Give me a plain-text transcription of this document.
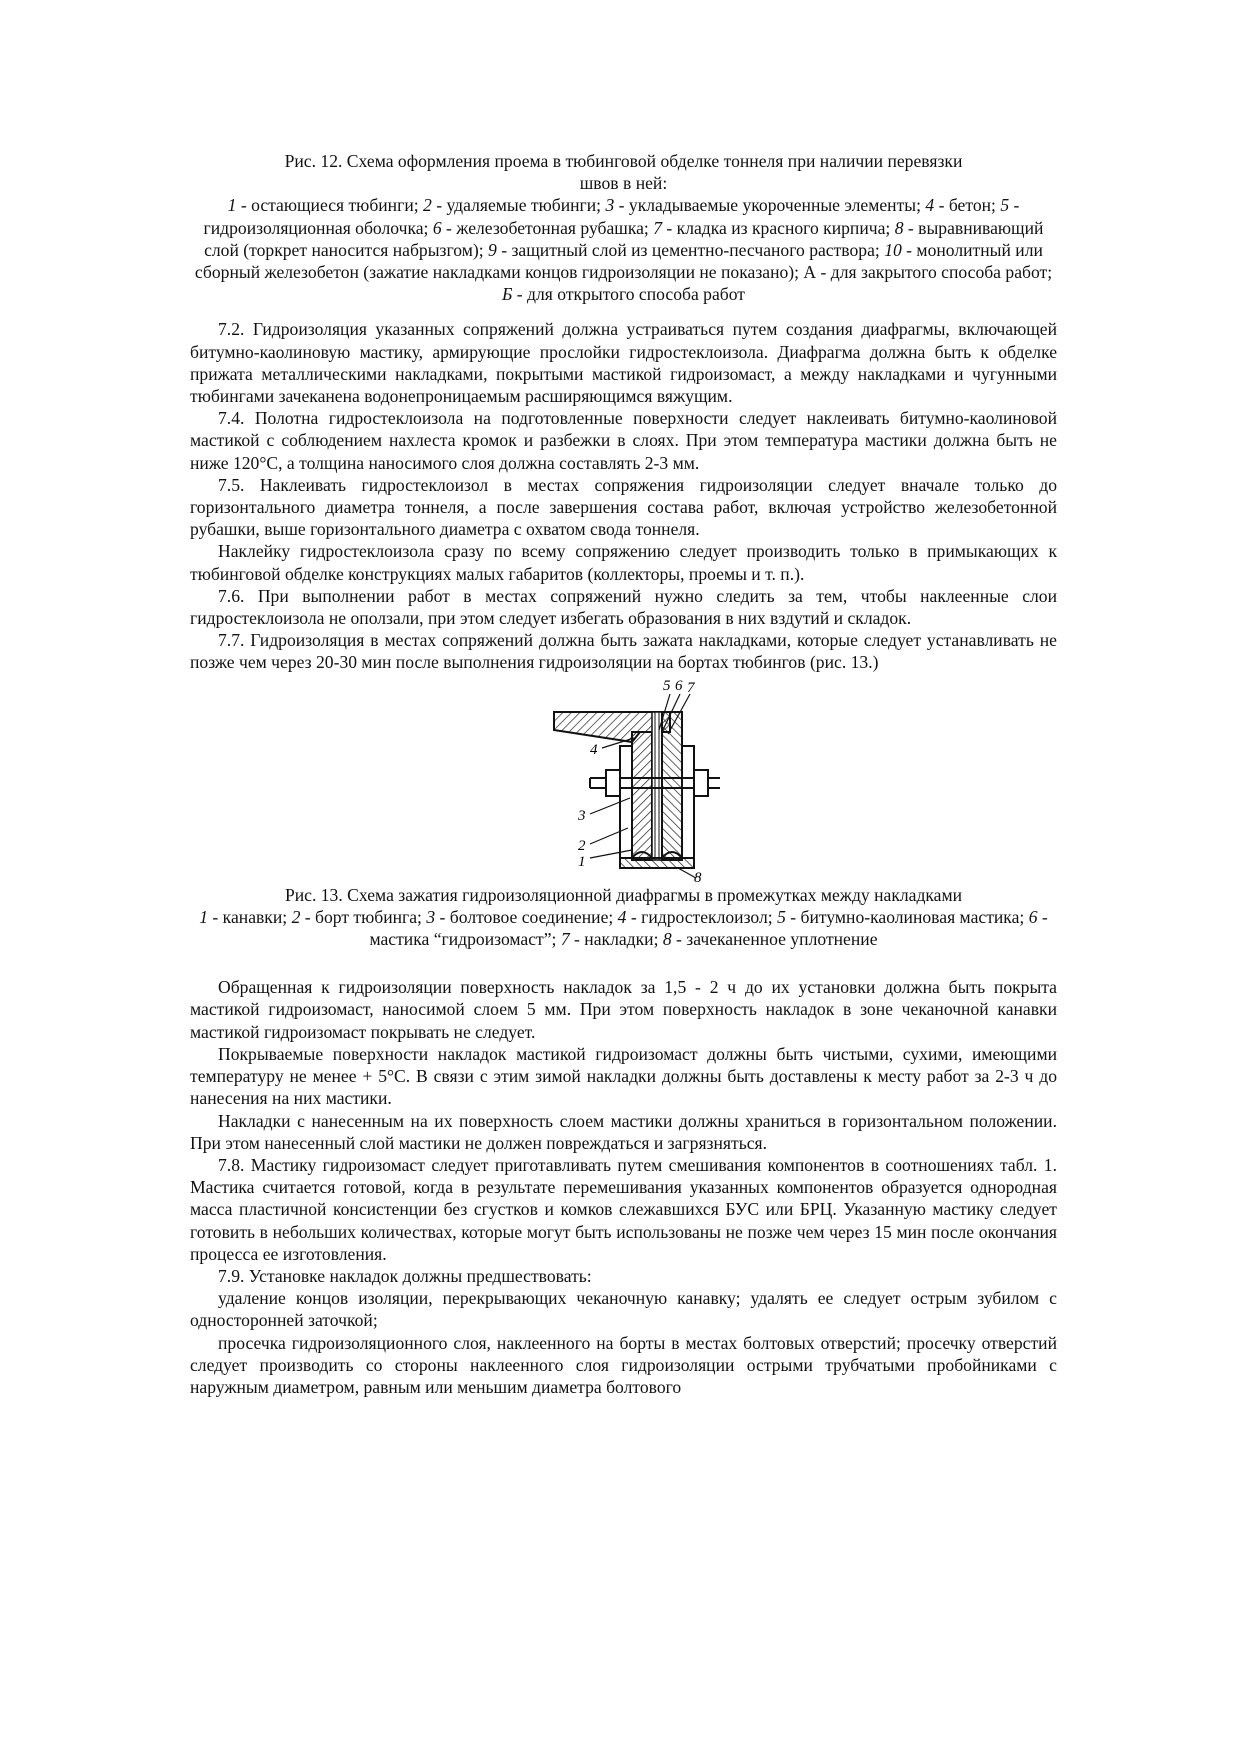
Рис. 12. Схема оформления проема в тюбинговой обделке тоннеля при наличии перевязки
швов в ней:
1 - остающиеся тюбинги; 2 - удаляемые тюбинги; 3 - укладываемые укороченные элементы; 4 - бетон; 5 - гидроизоляционная оболочка; 6 - железобетонная рубашка; 7 - кладка из красного кирпича; 8 - выравнивающий слой (торкрет наносится набрызгом); 9 - защитный слой из цементно-песчаного раствора; 10 - монолитный или сборный железобетон (зажатие накладками концов гидроизоляции не показано); А - для закрытого способа работ; Б - для открытого способа работ

7.2. Гидроизоляция указанных сопряжений должна устраиваться путем создания диафрагмы, включающей битумно-каолиновую мастику, армирующие прослойки гидростеклоизола. Диафрагма должна быть к обделке прижата металлическими накладками, покрытыми мастикой гидроизомаст, а между накладками и чугунными тюбингами зачеканена водонепроницаемым расширяющимся вяжущим.

7.4. Полотна гидростеклоизола на подготовленные поверхности следует наклеивать битумно-каолиновой мастикой с соблюдением нахлеста кромок и разбежки в слоях. При этом температура мастики должна быть не ниже 120°С, а толщина наносимого слоя должна составлять 2-3 мм.

7.5. Наклеивать гидростеклоизол в местах сопряжения гидроизоляции следует вначале только до горизонтального диаметра тоннеля, а после завершения состава работ, включая устройство железобетонной рубашки, выше горизонтального диаметра с охватом свода тоннеля.

Наклейку гидростеклоизола сразу по всему сопряжению следует производить только в примыкающих к тюбинговой обделке конструкциях малых габаритов (коллекторы, проемы и т. п.).

7.6. При выполнении работ в местах сопряжений нужно следить за тем, чтобы наклеенные слои гидростеклоизола не оползали, при этом следует избегать образования в них вздутий и складок.

7.7. Гидроизоляция в местах сопряжений должна быть зажата накладками, которые следует устанавливать не позже чем через 20-30 мин после выполнения гидроизоляции на бортах тюбингов (рис. 13.)

5 6 7
4
3
2
1
8
Рис. 13. Схема зажатия гидроизоляционной диафрагмы в промежутках между накладками
1 - канавки; 2 - борт тюбинга; 3 - болтовое соединение; 4 - гидростеклоизол; 5 - битумно-каолиновая мастика; 6 - мастика “гидроизомаст”; 7 - накладки; 8 - зачеканенное уплотнение

Обращенная к гидроизоляции поверхность накладок за 1,5 - 2 ч до их установки должна быть покрыта мастикой гидроизомаст, наносимой слоем 5 мм. При этом поверхность накладок в зоне чеканочной канавки мастикой гидроизомаст покрывать не следует.

Покрываемые поверхности накладок мастикой гидроизомаст должны быть чистыми, сухими, имеющими температуру не менее + 5°С. В связи с этим зимой накладки должны быть доставлены к месту работ за 2-3 ч до нанесения на них мастики.

Накладки с нанесенным на их поверхность слоем мастики должны храниться в горизонтальном положении. При этом нанесенный слой мастики не должен повреждаться и загрязняться.

7.8. Мастику гидроизомаст следует приготавливать путем смешивания компонентов в соотношениях табл. 1. Мастика считается готовой, когда в результате перемешивания указанных компонентов образуется однородная масса пластичной консистенции без сгустков и комков слежавшихся БУС или БРЦ. Указанную мастику следует готовить в небольших количествах, которые могут быть использованы не позже чем через 15 мин после окончания процесса ее изготовления.

7.9. Установке накладок должны предшествовать:

удаление концов изоляции, перекрывающих чеканочную канавку; удалять ее следует острым зубилом с односторонней заточкой;

просечка гидроизоляционного слоя, наклеенного на борты в местах болтовых отверстий; просечку отверстий следует производить со стороны наклеенного слоя гидроизоляции острыми трубчатыми пробойниками с наружным диаметром, равным или меньшим диаметра болтового
